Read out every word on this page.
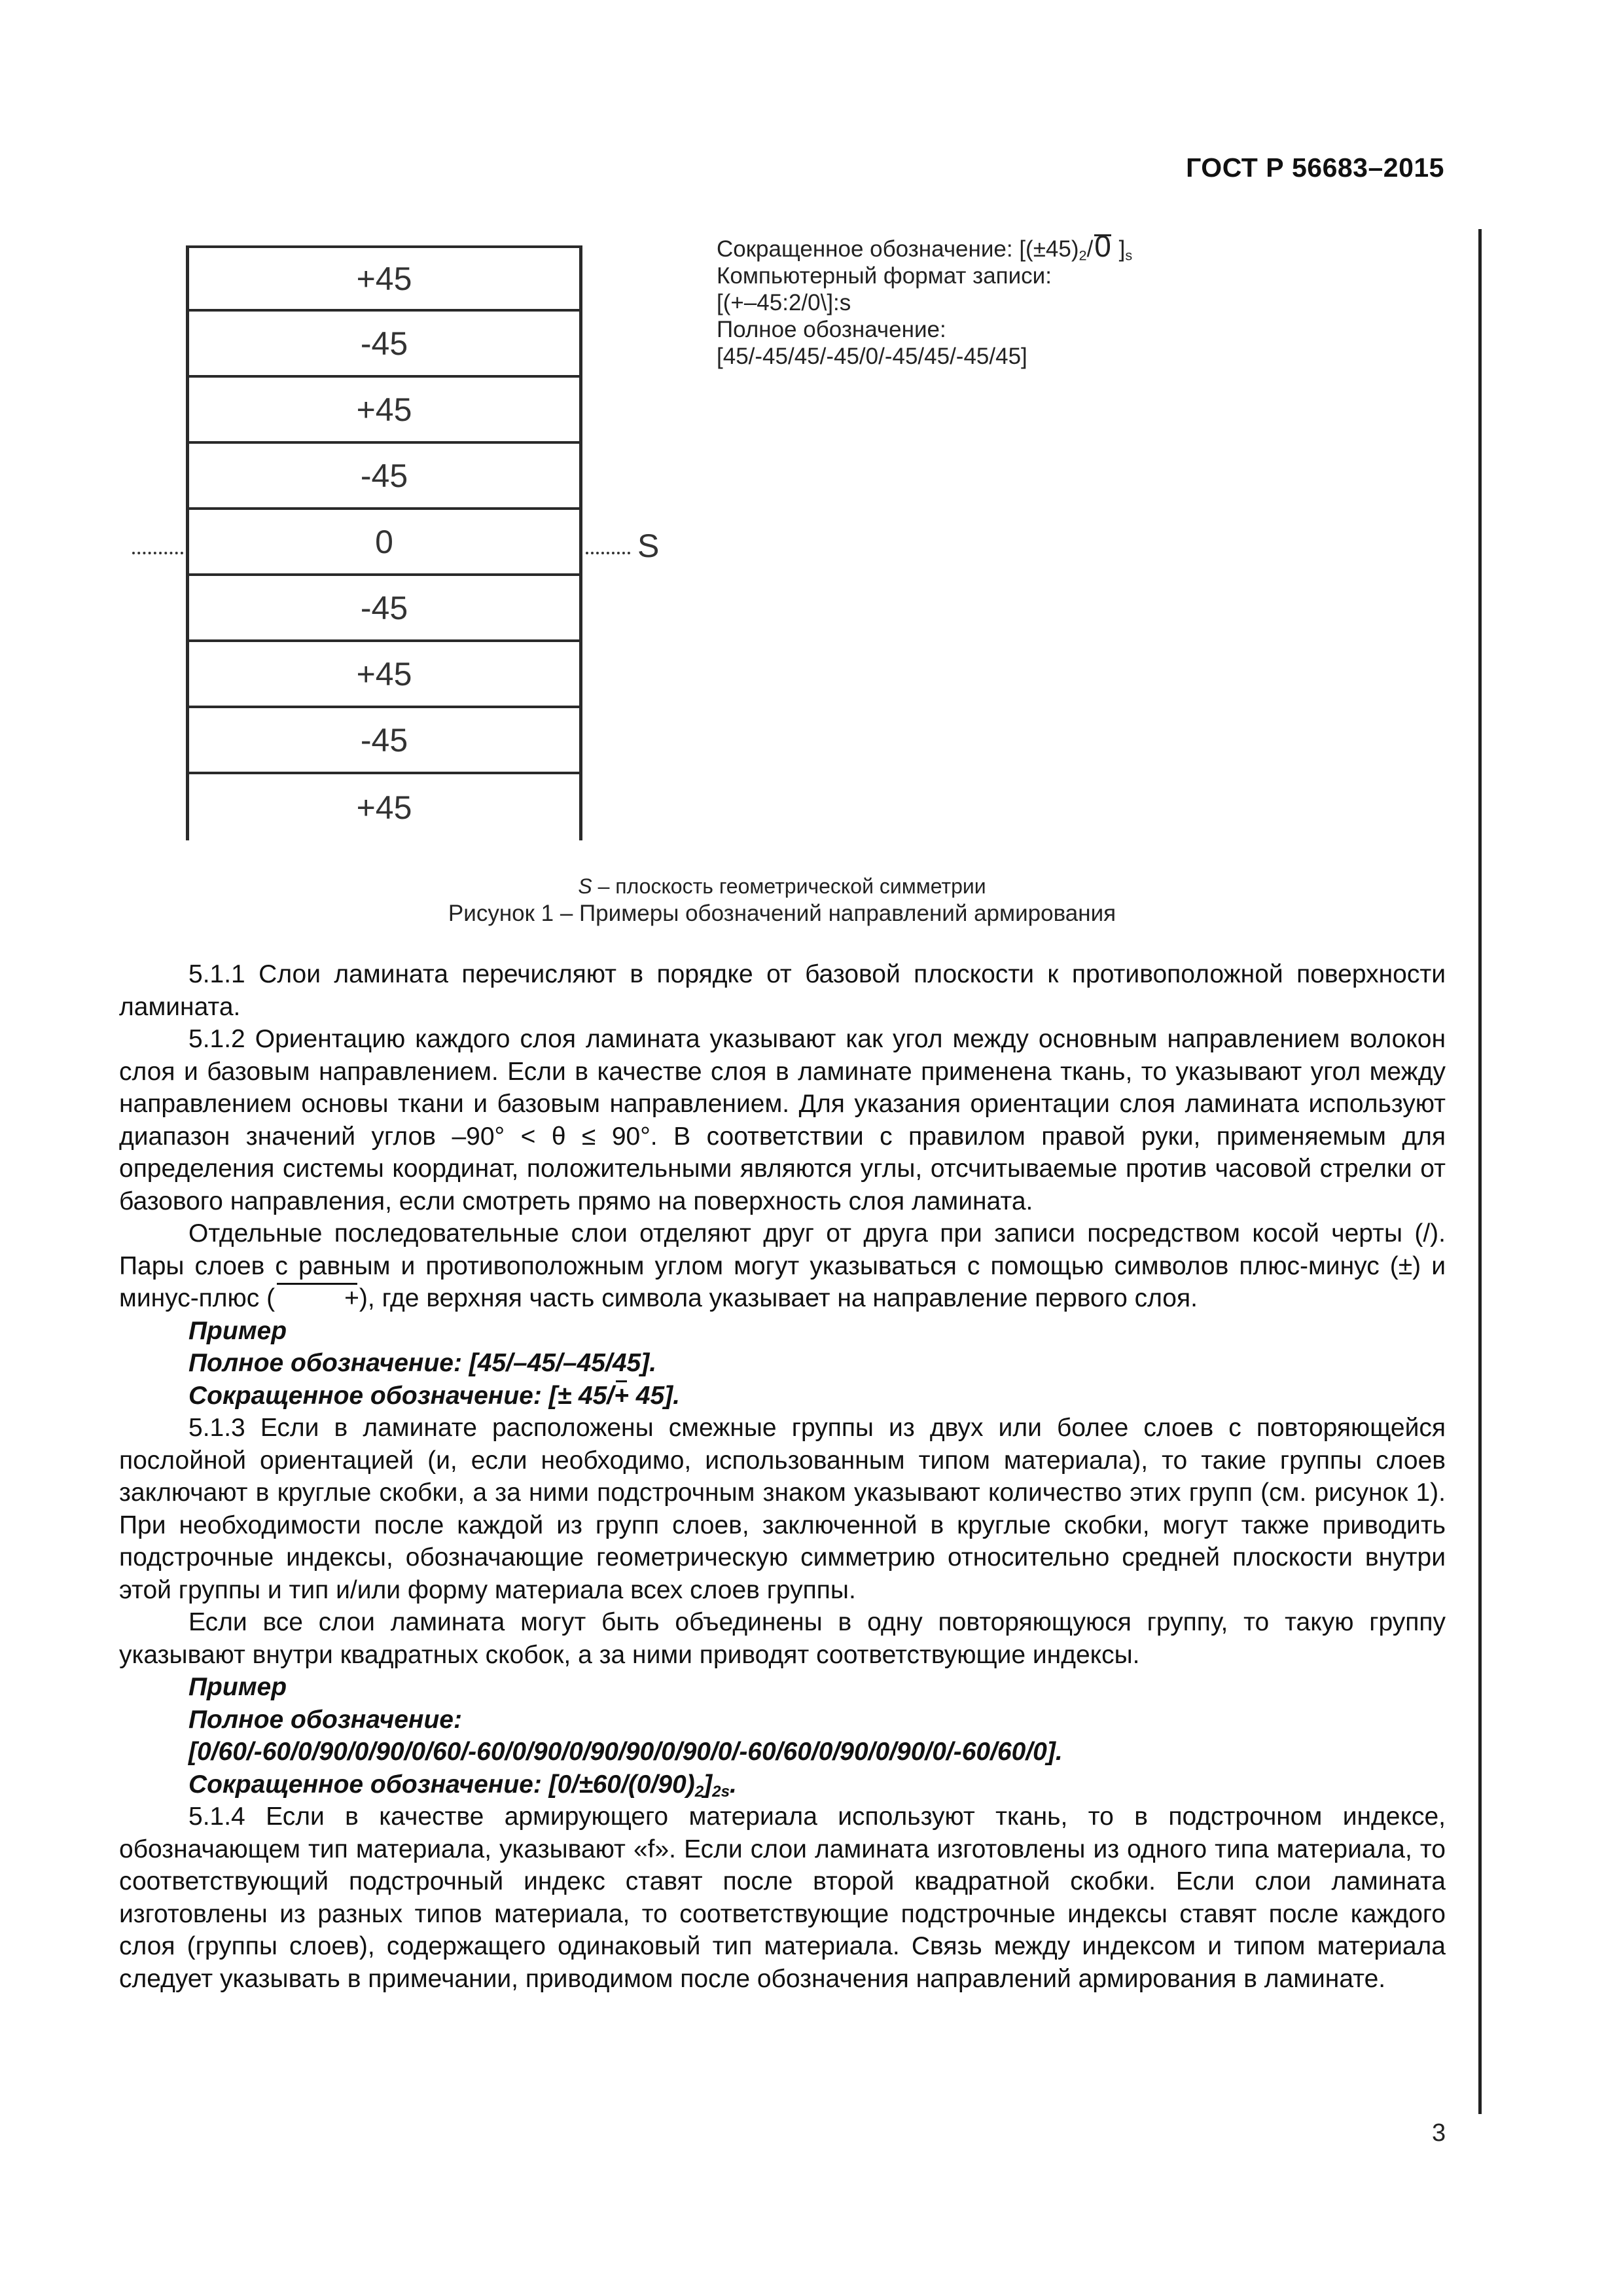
ГОСТ Р 56683–2015
S
+45
-45
+45
-45
0
-45
+45
-45
+45
Сокращенное обозначение: [$(\pm 45)_2/0$ ]$_s$
Компьютерный формат записи:
[(+–45:2/0\]:s
Полное обозначение:
[45/-45/45/-45/0/-45/45/-45/45]
S – плоскость геометрической симметрии
Рисунок 1 – Примеры обозначений направлений армирования

5.1.1 Слои ламината перечисляют в порядке от базовой плоскости к противоположной поверхности ламината.

5.1.2 Ориентацию каждого слоя ламината указывают как угол между основным направлением волокон слоя и базовым направлением. Если в качестве слоя в ламинате применена ткань, то указывают угол между направлением основы ткани и базовым направлением. Для указания ориентации слоя ламината используют диапазон значений углов –90° < θ ≤ 90°. В соответствии с правилом правой руки, применяемым для определения системы координат, положительными являются углы, отсчитываемые против часовой стрелки от базового направления, если смотреть прямо на поверхность слоя ламината.

Отдельные последовательные слои отделяют друг от друга при записи посредством косой черты (/). Пары слоев с равным и противоположным углом могут указываться с помощью символов плюс-минус (±) и минус-плюс (	+), где верхняя часть символа указывает на направление первого слоя.

Пример

Полное обозначение: [45/–45/–45/45].

Сокращенное обозначение: [± 45/+ 45].

5.1.3 Если в ламинате расположены смежные группы из двух или более слоев с повторяющейся послойной ориентацией (и, если необходимо, использованным типом материала), то такие группы слоев заключают в круглые скобки, а за ними подстрочным знаком указывают количество этих групп (см. рисунок 1). При необходимости после каждой из групп слоев, заключенной в круглые скобки, могут также приводить подстрочные индексы, обозначающие геометрическую симметрию относительно средней плоскости внутри этой группы и тип и/или форму материала всех слоев группы.

Если все слои ламината могут быть объединены в одну повторяющуюся группу, то такую группу указывают внутри квадратных скобок, а за ними приводят соответствующие индексы.

Пример

Полное обозначение:

[0/60/-60/0/90/0/90/0/60/-60/0/90/0/90/90/0/90/0/-60/60/0/90/0/90/0/-60/60/0].

Сокращенное обозначение: $[0/\pm 60/(0/90)_2]_{2s}$.

5.1.4 Если в качестве армирующего материала используют ткань, то в подстрочном индексе, обозначающем тип материала, указывают «f». Если слои ламината изготовлены из одного типа материала, то соответствующий подстрочный индекс ставят после второй квадратной скобки. Если слои ламината изготовлены из разных типов материала, то соответствующие подстрочные индексы ставят после каждого слоя (группы слоев), содержащего одинаковый тип материала. Связь между индексом и типом материала следует указывать в примечании, приводимом после обозначения направлений армирования в ламинате.

3
